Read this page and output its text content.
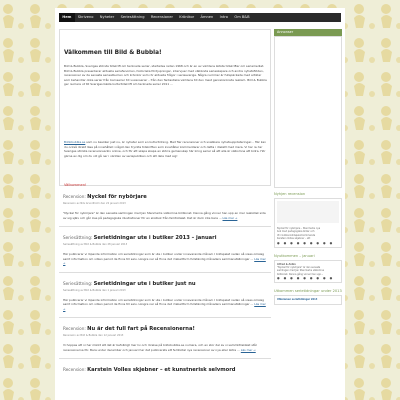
Hem	Skriveno	Nyheter	Seriesättning	Recensioner	Krönikor	Ämnen	Intro	Om B&B
Välkommen till Bild & Bubbla!
Bild & Bubbla, Sveriges största tidskrift om tecknade serier, startades redan 1968 och är en av världens äldsta tidskrifter om seriemediet. Bild & Bubbla presenterar aktuella seriefenomen, historiska fördjupningar, intervjuer med välkända serieskapare och andra nyhetsflöden, recensioner av de senaste seriealbumen och krönikor som rör aktuella frågor i seriesverige. Några nummer är fullspäckade med artiklar som behandlar olika serier från barnserier till vuxenserier – från den fantastiska världens till den mest genrekonkreta realism. Bild & Bubbla ger numera ut till Sveriges bästa kulturtidskrift om tecknade serier 2011 ...
Bildobubbla.se som nu besöker just nu, är nyheter som en kulturtidning. Med fler recensioner och snabbare nyhetsuppdateringar... Här kan du också direkt läsa på innehållet i något den tryckta tidskriften som innehåller kommentarer och detta i diskett med mera. Vi har nu tar Sveriges största recensionsarkiv online, och för att skapa skapa en större gemenskap här kring serier så att alla är välkomna att bidra. Hör gärna av dig om du vill gå ner i världen av seriepubliken och att dela med sig!
Välkommen!
Recension: Nyckel för nybörjare
Recension av Nils Grundholm den 22 januari 2013
"Nyckel för nybörjare" är den senaste samlingen med Jan Stenmarks välkomna bildkonst. Denna gång vinner han upp en mer realistisk sida av sig själv och går loss på pedagogiska illustrationer för en skolbok från femtiotalet. Det är dock inte bara ... Läs mer →
Seriesättning: Serietidningar ute i butiker 2013 – januari
Seriesättning av Bild & Bubbla den 28 januari 2013
Här publicerar vi löpande information om serietidningar som är ute i butiker under innevarande månad. I bildspelet nedan så visas omslag samt information om vilken period de finns till salu. Längre ner så finns det i tabellform fullständig månaders sammanställningar ... Läs mer →
Seriesättning: Serietidningar ute i butiker just nu
Seriesättning av Bild & Bubbla den 1 januari 2013
Här publicerar vi löpande information om serietidningar som är ute i butiker under innevarande månad. I bildspelet nedan så visas omslag samt information om vilken period de finns till salu. Längre ner så finns det i tabellform fullständig månaders sammanställningar ... Läs mer →
Recension: Nu är det full fart på Recensionerna!
Recension av Bild & Bubbla den 12 januari 2013
Vi hoppas att ni har märkt att det är befolkligt mer liv och rörelse på bildobubbla.se numera, och en stor del av vi sammlitliskälet står recensionerna för. Bara under december och januari har det publicerats ett femtiotal nya recensioner av nya eller äldre ... Läs mer →
Recension: Karstein Volles skjebner – et kunstnerisk selvmord
Annonser
Nyhjen recension
Nyckel för nybörjare – Stenmarks nya
bok med pedagogiska bilder och
Ut i butiker-bildspelet kommande
Karstein Volles skjebner – ett
● ● ● ● ● ● ● ● ●
Nyutkommen – januari
Alfred & Anbix
"Nyckel för nybörjare" är den senaste
samlingen med Jan Stenmarks välkomna
bildkonst. Denna gång vinner han upp...
● ● ● ● ● ● ● ● ●
Utkommen serietidningar under 2013
Utkommen serietidningar 2013
